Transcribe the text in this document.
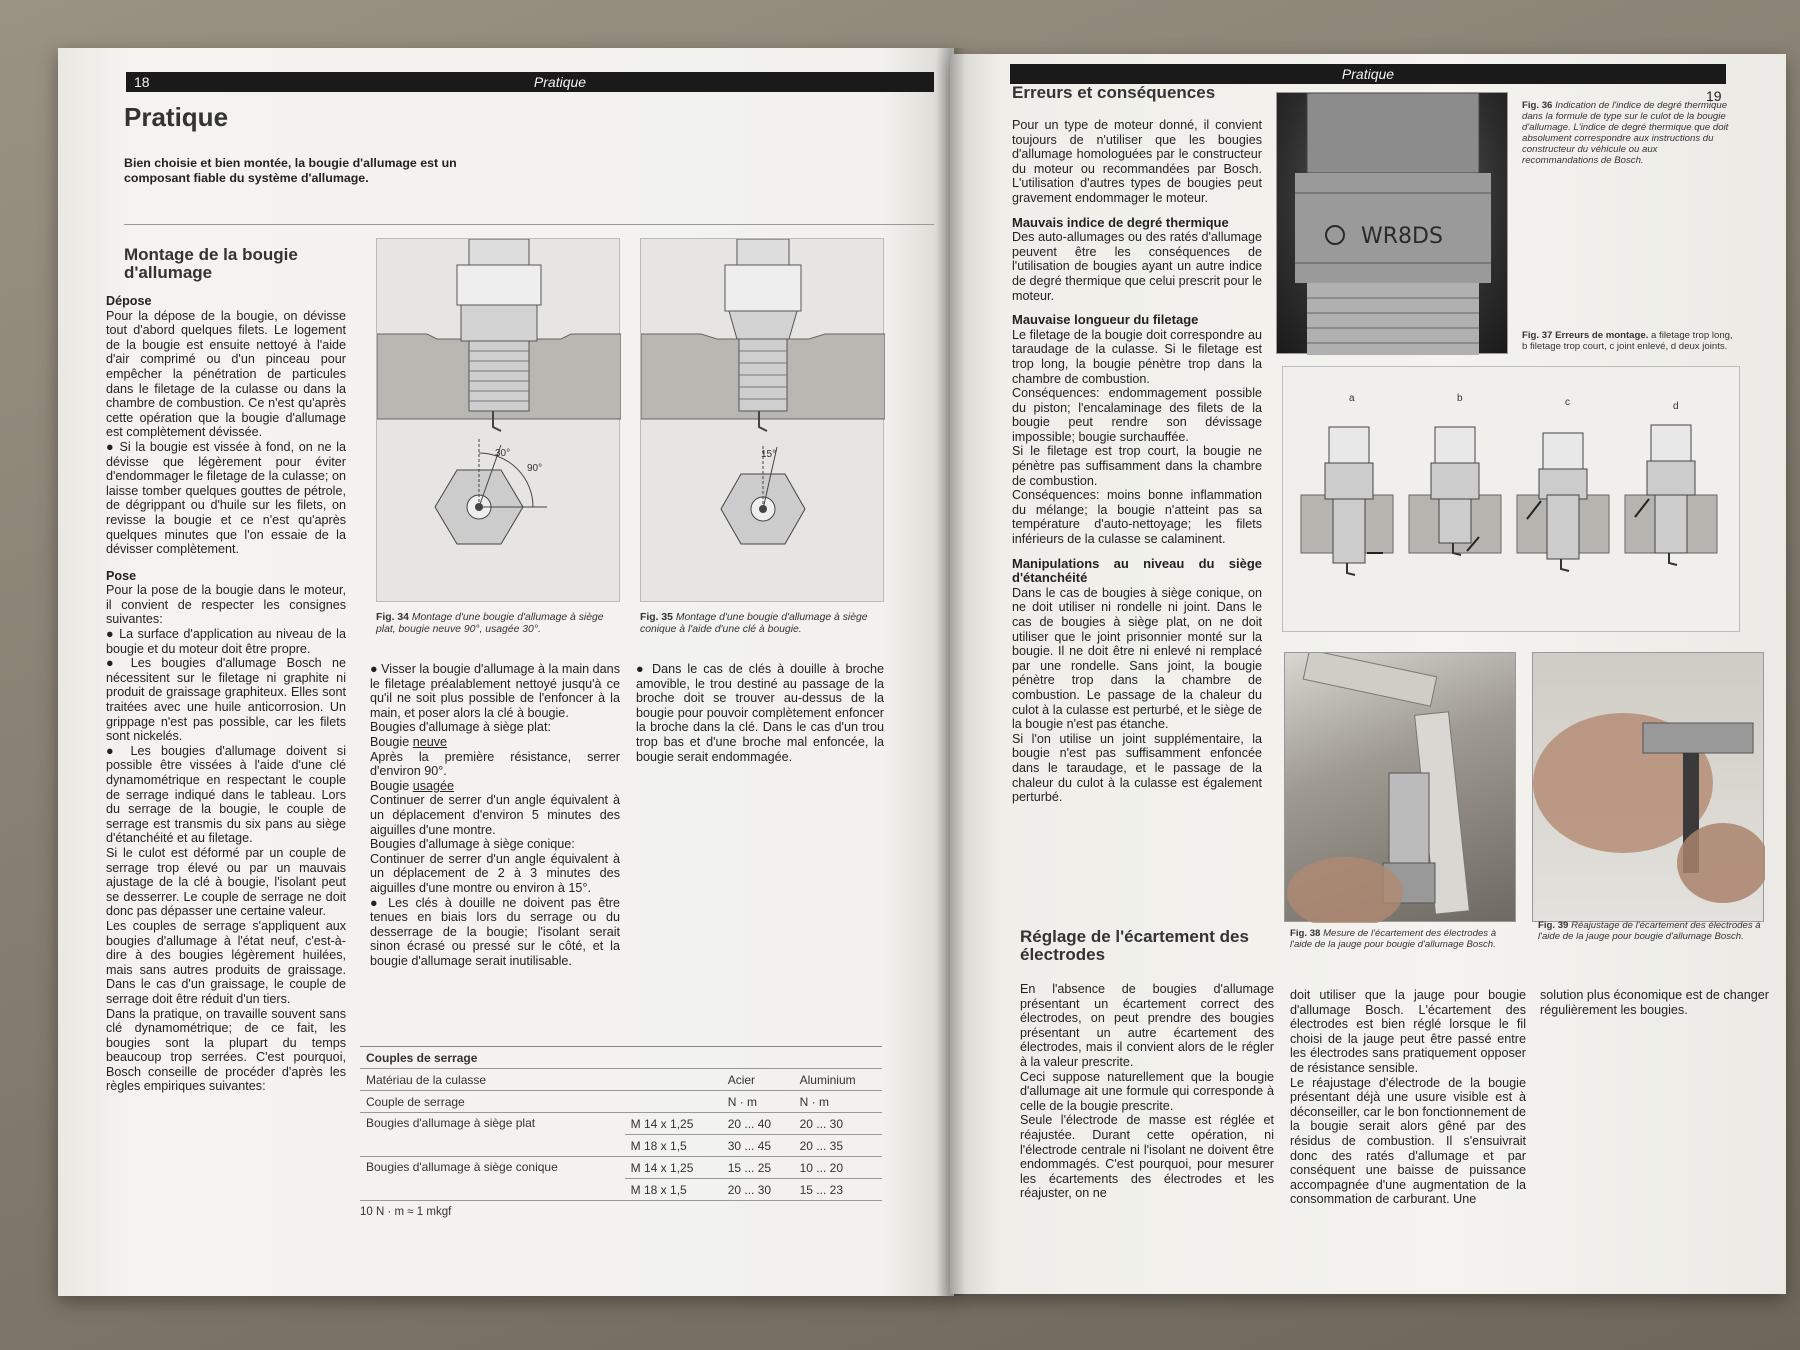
18	Pratique
Pratique
Bien choisie et bien montée, la bougie d'allumage est un composant fiable du système d'allumage.
Montage de la bougie d'allumage
Dépose

Pour la dépose de la bougie, on dévisse tout d'abord quelques filets. Le logement de la bougie est ensuite nettoyé à l'aide d'air comprimé ou d'un pinceau pour empêcher la pénétration de particules dans le filetage de la culasse ou dans la chambre de combustion. Ce n'est qu'après cette opération que la bougie d'allumage est complètement dévissée.

● Si la bougie est vissée à fond, on ne la dévisse que légèrement pour éviter d'endommager le filetage de la culasse; on laisse tomber quelques gouttes de pétrole, de dégrippant ou d'huile sur les filets, on revisse la bougie et ce n'est qu'après quelques minutes que l'on essaie de la dévisser complètement.

Pose

Pour la pose de la bougie dans le moteur, il convient de respecter les consignes suivantes:

● La surface d'application au niveau de la bougie et du moteur doit être propre.

● Les bougies d'allumage Bosch ne nécessitent sur le filetage ni graphite ni produit de graissage graphiteux. Elles sont traitées avec une huile anticorrosion. Un grippage n'est pas possible, car les filets sont nickelés.

● Les bougies d'allumage doivent si possible être vissées à l'aide d'une clé dynamométrique en respectant le couple de serrage indiqué dans le tableau. Lors du serrage de la bougie, le couple de serrage est transmis du six pans au siège d'étanchéité et au filetage.

Si le culot est déformé par un couple de serrage trop élevé ou par un mauvais ajustage de la clé à bougie, l'isolant peut se desserrer. Le couple de serrage ne doit donc pas dépasser une certaine valeur.

Les couples de serrage s'appliquent aux bougies d'allumage à l'état neuf, c'est-à-dire à des bougies légèrement huilées, mais sans autres produits de graissage. Dans le cas d'un graissage, le couple de serrage doit être réduit d'un tiers.

Dans la pratique, on travaille souvent sans clé dynamométrique; de ce fait, les bougies sont la plupart du temps beaucoup trop serrées. C'est pourquoi, Bosch conseille de procéder d'après les règles empiriques suivantes:

30°
90°
15°
Fig. 34 Montage d'une bougie d'allumage à siège plat, bougie neuve 90°, usagée 30°.
Fig. 35 Montage d'une bougie d'allumage à siège conique à l'aide d'une clé à bougie.

● Visser la bougie d'allumage à la main dans le filetage préalablement nettoyé jusqu'à ce qu'il ne soit plus possible de l'enfoncer à la main, et poser alors la clé à bougie.

Bougies d'allumage à siège plat:

Bougie neuve

Après la première résistance, serrer d'environ 90°.

Bougie usagée

Continuer de serrer d'un angle équivalent à un déplacement d'environ 5 minutes des aiguilles d'une montre.

Bougies d'allumage à siège conique:

Continuer de serrer d'un angle équivalent à un déplacement de 2 à 3 minutes des aiguilles d'une montre ou environ à 15°.

● Les clés à douille ne doivent pas être tenues en biais lors du serrage ou du desserrage de la bougie; l'isolant serait sinon écrasé ou pressé sur le côté, et la bougie d'allumage serait inutilisable.

● Dans le cas de clés à douille à broche amovible, le trou destiné au passage de la broche doit se trouver au-dessus de la bougie pour pouvoir complètement enfoncer la broche dans la clé. Dans le cas d'un trou trop bas et d'une broche mal enfoncée, la bougie serait endommagée.

Couples de serrage			
Matériau de la culasse		Acier	Aluminium
Couple de serrage		N · m	N · m
Bougies d'allumage à siège plat	M 14 x 1,25	20 ... 40	20 ... 30
	M 18 x 1,5	30 ... 45	20 ... 35
Bougies d'allumage à siège conique	M 14 x 1,25	15 ... 25	10 ... 20
	M 18 x 1,5	20 ... 30	15 ... 23
10 N · m ≈ 1 mkgf
Pratique
19
Erreurs et conséquences

Pour un type de moteur donné, il convient toujours de n'utiliser que les bougies d'allumage homologuées par le constructeur du moteur ou recommandées par Bosch. L'utilisation d'autres types de bougies peut gravement endommager le moteur.

Mauvais indice de degré thermique

Des auto-allumages ou des ratés d'allumage peuvent être les conséquences de l'utilisation de bougies ayant un autre indice de degré thermique que celui prescrit pour le moteur.

Mauvaise longueur du filetage

Le filetage de la bougie doit correspondre au taraudage de la culasse. Si le filetage est trop long, la bougie pénètre trop dans la chambre de combustion.

Conséquences: endommagement possible du piston; l'encalaminage des filets de la bougie peut rendre son dévissage impossible; bougie surchauffée.

Si le filetage est trop court, la bougie ne pénètre pas suffisamment dans la chambre de combustion.

Conséquences: moins bonne inflammation du mélange; la bougie n'atteint pas sa température d'auto-nettoyage; les filets inférieurs de la culasse se calaminent.

Manipulations au niveau du siège d'étanchéité

Dans le cas de bougies à siège conique, on ne doit utiliser ni rondelle ni joint. Dans le cas de bougies à siège plat, on ne doit utiliser que le joint prisonnier monté sur la bougie. Il ne doit être ni enlevé ni remplacé par une rondelle. Sans joint, la bougie pénètre trop dans la chambre de combustion. Le passage de la chaleur du culot à la culasse est perturbé, et le siège de la bougie n'est pas étanche.

Si l'on utilise un joint supplémentaire, la bougie n'est pas suffisamment enfoncée dans le taraudage, et le passage de la chaleur du culot à la culasse est également perturbé.

WR8DS
Fig. 36 Indication de l'indice de degré thermique dans la formule de type sur le culot de la bougie d'allumage. L'indice de degré thermique que doit absolument correspondre aux instructions du constructeur du véhicule ou aux recommandations de Bosch.
Fig. 37 Erreurs de montage. a filetage trop long, b filetage trop court, c joint enlevé, d deux joints.
a	b	c	d
Fig. 38 Mesure de l'écartement des électrodes à l'aide de la jauge pour bougie d'allumage Bosch.
Fig. 39 Réajustage de l'écartement des électrodes à l'aide de la jauge pour bougie d'allumage Bosch.
Réglage de l'écartement des électrodes

En l'absence de bougies d'allumage présentant un écartement correct des électrodes, on peut prendre des bougies présentant un autre écartement des électrodes, mais il convient alors de le régler à la valeur prescrite.

Ceci suppose naturellement que la bougie d'allumage ait une formule qui corresponde à celle de la bougie prescrite.

Seule l'électrode de masse est réglée et réajustée. Durant cette opération, ni l'électrode centrale ni l'isolant ne doivent être endommagés. C'est pourquoi, pour mesurer les écartements des électrodes et les réajuster, on ne

doit utiliser que la jauge pour bougie d'allumage Bosch. L'écartement des électrodes est bien réglé lorsque le fil choisi de la jauge peut être passé entre les électrodes sans pratiquement opposer de résistance sensible.

Le réajustage d'électrode de la bougie présentant déjà une usure visible est à déconseiller, car le bon fonctionnement de la bougie serait alors gêné par des résidus de combustion. Il s'ensuivrait donc des ratés d'allumage et par conséquent une baisse de puissance accompagnée d'une augmentation de la consommation de carburant. Une

solution plus économique est de changer régulièrement les bougies.
